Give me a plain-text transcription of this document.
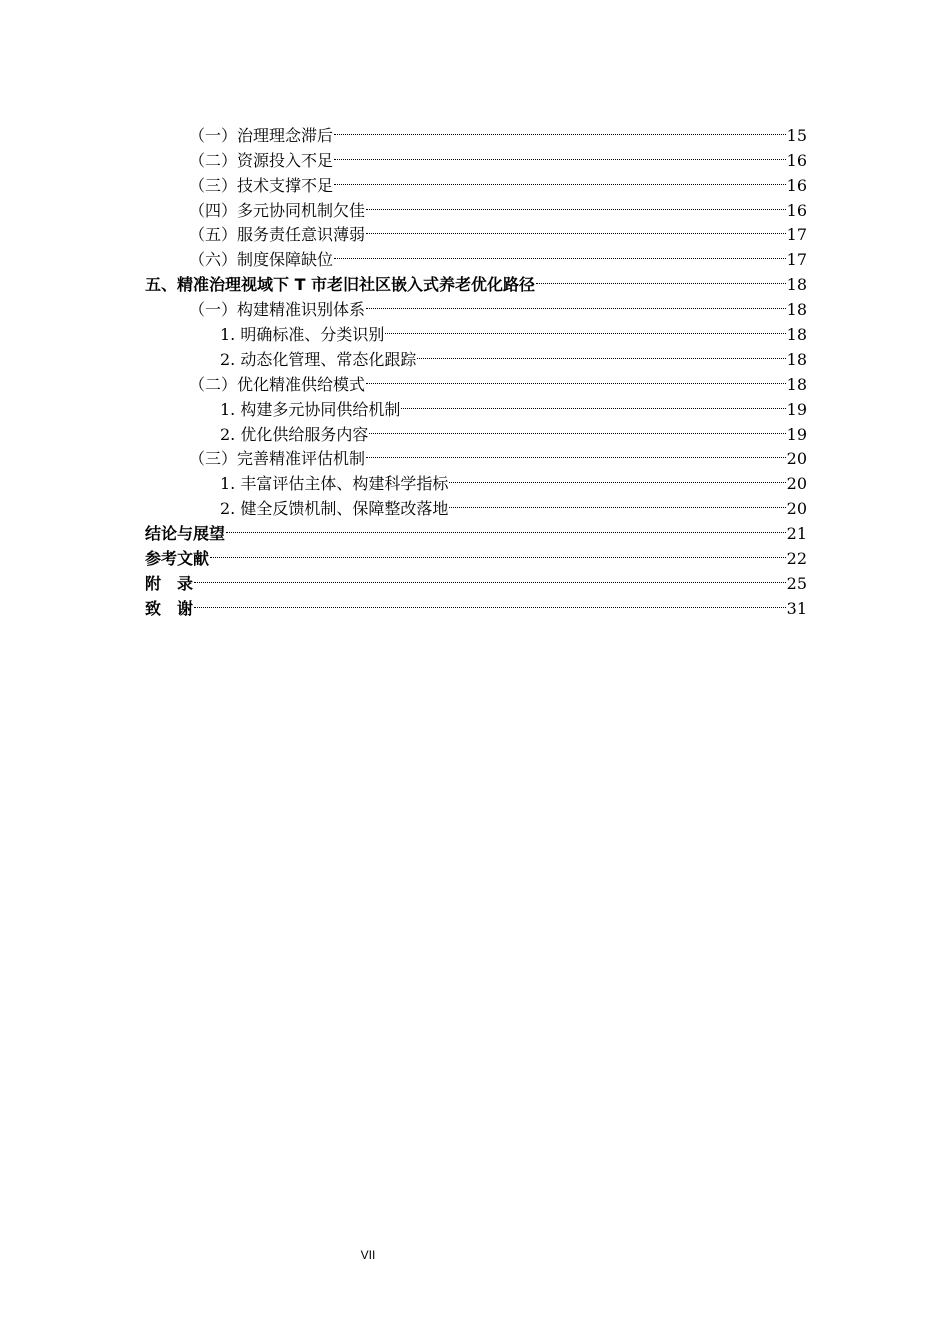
（一）治理理念滞后	15
（二）资源投入不足	16
（三）技术支撑不足	16
（四）多元协同机制欠佳	16
（五）服务责任意识薄弱	17
（六）制度保障缺位	17
五、精准治理视域下 T 市老旧社区嵌入式养老优化路径	18
（一）构建精准识别体系	18
1. 明确标准、分类识别	18
2. 动态化管理、常态化跟踪	18
（二）优化精准供给模式	18
1. 构建多元协同供给机制	19
2. 优化供给服务内容	19
（三）完善精准评估机制	20
1. 丰富评估主体、构建科学指标	20
2. 健全反馈机制、保障整改落地	20
结论与展望	21
参考文献	22
附　录	25
致　谢	31
VII
